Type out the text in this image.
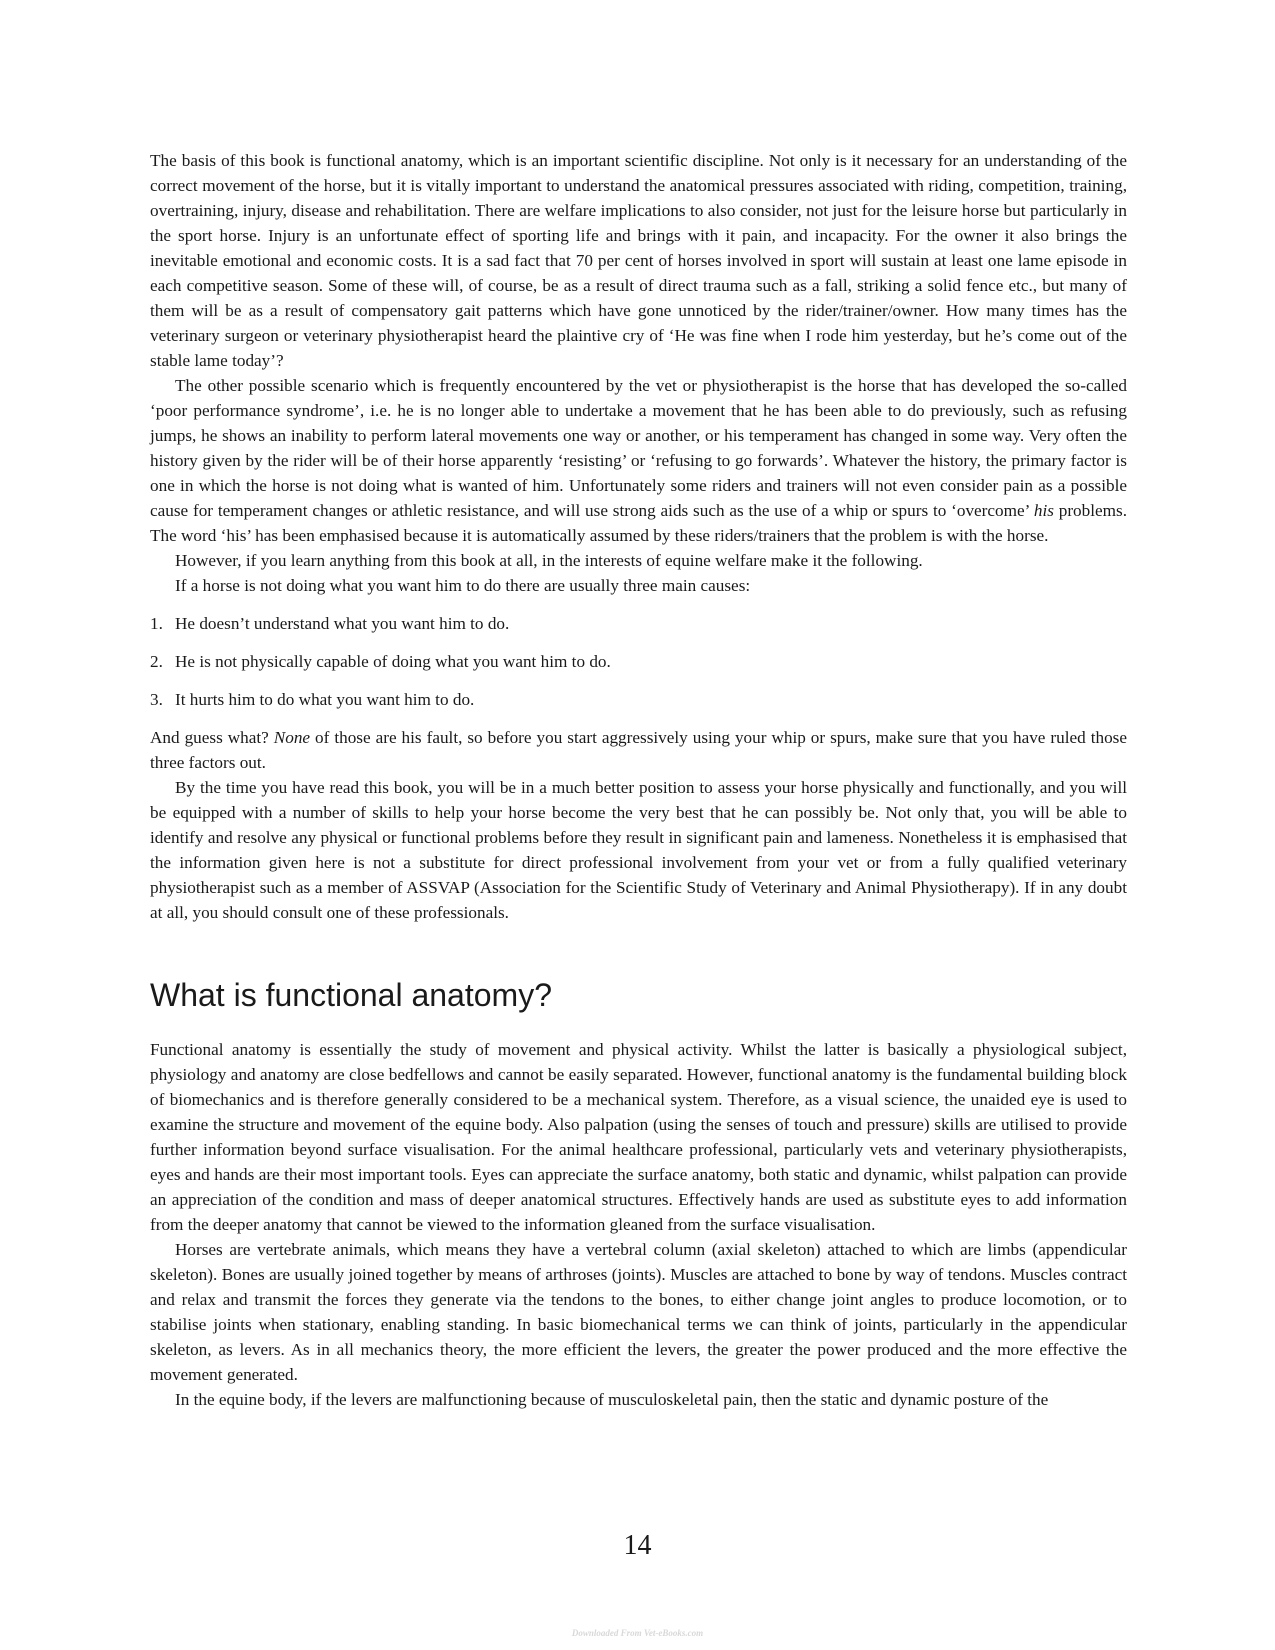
The basis of this book is functional anatomy, which is an important scientific discipline. Not only is it necessary for an understanding of the correct movement of the horse, but it is vitally important to understand the anatomical pressures associated with riding, competition, training, overtraining, injury, disease and rehabilitation. There are welfare implications to also consider, not just for the leisure horse but particularly in the sport horse. Injury is an unfortunate effect of sporting life and brings with it pain, and incapacity. For the owner it also brings the inevitable emotional and economic costs. It is a sad fact that 70 per cent of horses involved in sport will sustain at least one lame episode in each competitive season. Some of these will, of course, be as a result of direct trauma such as a fall, striking a solid fence etc., but many of them will be as a result of compensatory gait patterns which have gone unnoticed by the rider/trainer/owner. How many times has the veterinary surgeon or veterinary physiotherapist heard the plaintive cry of ‘He was fine when I rode him yesterday, but he’s come out of the stable lame today’?

The other possible scenario which is frequently encountered by the vet or physiotherapist is the horse that has developed the so-called ‘poor performance syndrome’, i.e. he is no longer able to undertake a movement that he has been able to do previously, such as refusing jumps, he shows an inability to perform lateral movements one way or another, or his temperament has changed in some way. Very often the history given by the rider will be of their horse apparently ‘resisting’ or ‘refusing to go forwards’. Whatever the history, the primary factor is one in which the horse is not doing what is wanted of him. Unfortunately some riders and trainers will not even consider pain as a possible cause for temperament changes or athletic resistance, and will use strong aids such as the use of a whip or spurs to ‘overcome’ his problems. The word ‘his’ has been emphasised because it is automatically assumed by these riders/trainers that the problem is with the horse.

However, if you learn anything from this book at all, in the interests of equine welfare make it the following.

If a horse is not doing what you want him to do there are usually three main causes:

1. He doesn’t understand what you want him to do.
2. He is not physically capable of doing what you want him to do.
3. It hurts him to do what you want him to do.

And guess what? None of those are his fault, so before you start aggressively using your whip or spurs, make sure that you have ruled those three factors out.

By the time you have read this book, you will be in a much better position to assess your horse physically and functionally, and you will be equipped with a number of skills to help your horse become the very best that he can possibly be. Not only that, you will be able to identify and resolve any physical or functional problems before they result in significant pain and lameness. Nonetheless it is emphasised that the information given here is not a substitute for direct professional involvement from your vet or from a fully qualified veterinary physiotherapist such as a member of ASSVAP (Association for the Scientific Study of Veterinary and Animal Physiotherapy). If in any doubt at all, you should consult one of these professionals.

What is functional anatomy?

Functional anatomy is essentially the study of movement and physical activity. Whilst the latter is basically a physiological subject, physiology and anatomy are close bedfellows and cannot be easily separated. However, functional anatomy is the fundamental building block of biomechanics and is therefore generally considered to be a mechanical system. Therefore, as a visual science, the unaided eye is used to examine the structure and movement of the equine body. Also palpation (using the senses of touch and pressure) skills are utilised to provide further information beyond surface visualisation. For the animal healthcare professional, particularly vets and veterinary physiotherapists, eyes and hands are their most important tools. Eyes can appreciate the surface anatomy, both static and dynamic, whilst palpation can provide an appreciation of the condition and mass of deeper anatomical structures. Effectively hands are used as substitute eyes to add information from the deeper anatomy that cannot be viewed to the information gleaned from the surface visualisation.

Horses are vertebrate animals, which means they have a vertebral column (axial skeleton) attached to which are limbs (appendicular skeleton). Bones are usually joined together by means of arthroses (joints). Muscles are attached to bone by way of tendons. Muscles contract and relax and transmit the forces they generate via the tendons to the bones, to either change joint angles to produce locomotion, or to stabilise joints when stationary, enabling standing. In basic biomechanical terms we can think of joints, particularly in the appendicular skeleton, as levers. As in all mechanics theory, the more efficient the levers, the greater the power produced and the more effective the movement generated.

In the equine body, if the levers are malfunctioning because of musculoskeletal pain, then the static and dynamic posture of the

14
Downloaded From Vet-eBooks.com
